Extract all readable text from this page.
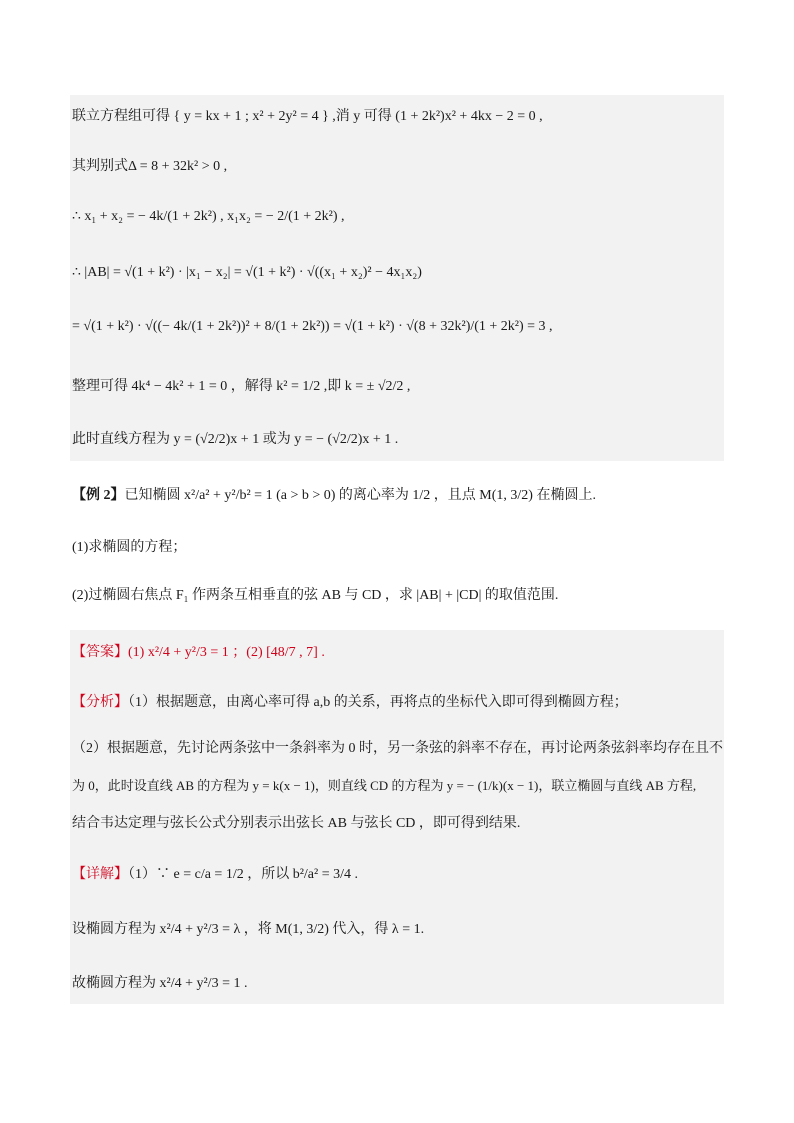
联立方程组可得 { y = kx + 1 ; x² + 2y² = 4 } ,消 y 可得 (1 + 2k²)x² + 4kx − 2 = 0 ,
其判别式Δ = 8 + 32k² > 0 ,
∴ x₁ + x₂ = − 4k/(1 + 2k²) , x₁x₂ = − 2/(1 + 2k²) ,
∴ |AB| = √(1 + k²) · |x₁ − x₂| = √(1 + k²) · √((x₁ + x₂)² − 4x₁x₂)
= √(1 + k²) · √((− 4k/(1 + 2k²))² + 8/(1 + 2k²)) = √(1 + k²) · √(8 + 32k²)/(1 + 2k²) = 3 ,
整理可得 4k⁴ − 4k² + 1 = 0 ，解得 k² = 1/2 ,即 k = ± √2/2 ,
此时直线方程为 y = (√2/2)x + 1 或为 y = − (√2/2)x + 1 .
【例 2】已知椭圆 x²/a² + y²/b² = 1 (a > b > 0) 的离心率为 1/2 ，且点 M(1, 3/2) 在椭圆上.
(1)求椭圆的方程；
(2)过椭圆右焦点 F₁ 作两条互相垂直的弦 AB 与 CD ，求 |AB| + |CD| 的取值范围.
【答案】(1) x²/4 + y²/3 = 1 ；(2) [48/7 , 7] .
【分析】（1）根据题意，由离心率可得 a,b 的关系，再将点的坐标代入即可得到椭圆方程；
（2）根据题意，先讨论两条弦中一条斜率为 0 时，另一条弦的斜率不存在，再讨论两条弦斜率均存在且不
为 0，此时设直线 AB 的方程为 y = k(x − 1)，则直线 CD 的方程为 y = − (1/k)(x − 1)，联立椭圆与直线 AB 方程,
结合韦达定理与弦长公式分别表示出弦长 AB 与弦长 CD ，即可得到结果.
【详解】（1）∵ e = c/a = 1/2 ，所以 b²/a² = 3/4 .
设椭圆方程为 x²/4 + y²/3 = λ ，将 M(1, 3/2) 代入，得 λ = 1.
故椭圆方程为 x²/4 + y²/3 = 1 .
